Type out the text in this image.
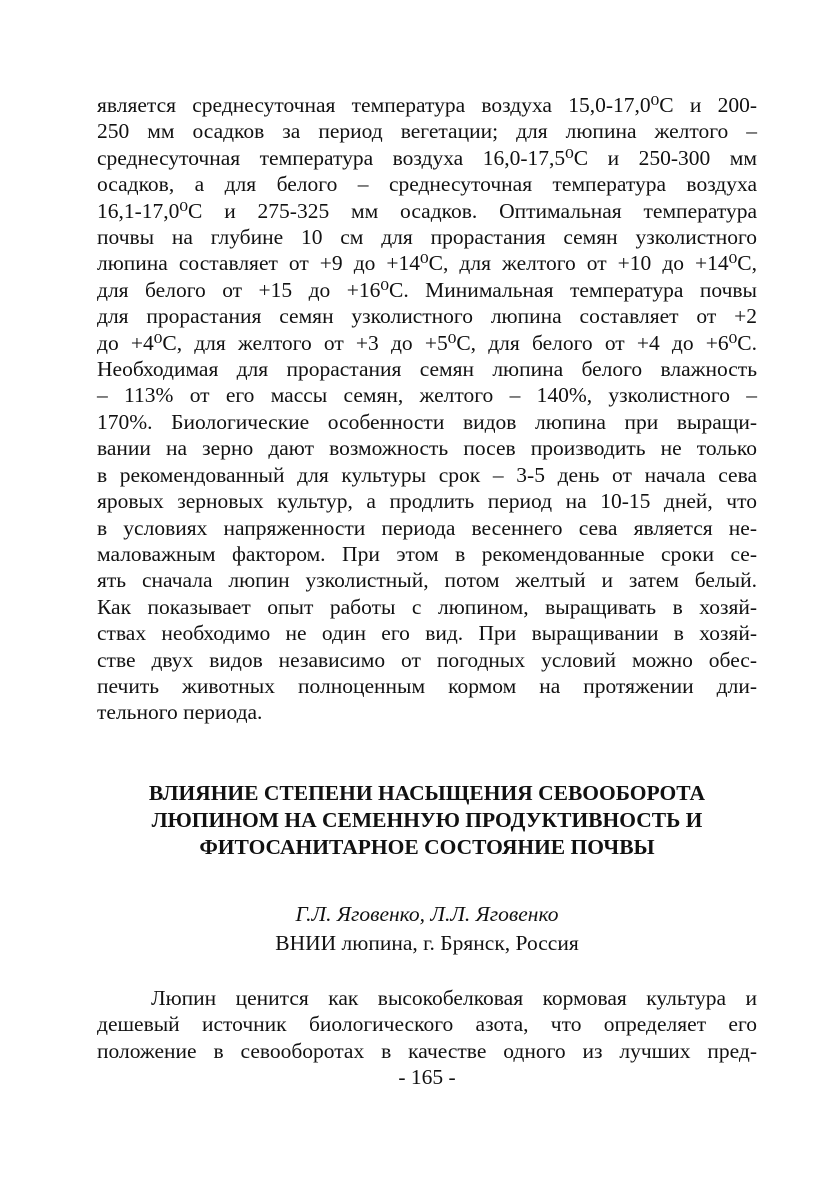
является среднесуточная температура воздуха 15,0-17,0⁰С и 200-
250 мм осадков за период вегетации; для люпина желтого –
среднесуточная температура воздуха 16,0-17,5⁰С и 250-300 мм
осадков, а для белого – среднесуточная температура воздуха
16,1-17,0⁰С и 275-325 мм осадков. Оптимальная температура
почвы на глубине 10 см для прорастания семян узколистного
люпина составляет от +9 до +14⁰С, для желтого от +10 до +14⁰С,
для белого от +15 до +16⁰С. Минимальная температура почвы
для прорастания семян узколистного люпина составляет от +2
до +4⁰С, для желтого от +3 до +5⁰С, для белого от +4 до +6⁰С.
Необходимая для прорастания семян люпина белого влажность
– 113% от его массы семян, желтого – 140%, узколистного –
170%. Биологические особенности видов люпина при выращи-
вании на зерно дают возможность посев производить не только
в рекомендованный для культуры срок – 3-5 день от начала сева
яровых зерновых культур, а продлить период на 10-15 дней, что
в условиях напряженности периода весеннего сева является не-
маловажным фактором. При этом в рекомендованные сроки се-
ять сначала люпин узколистный, потом желтый и затем белый.
Как показывает опыт работы с люпином, выращивать в хозяй-
ствах необходимо не один его вид. При выращивании в хозяй-
стве двух видов независимо от погодных условий можно обес-
печить животных полноценным кормом на протяжении дли-
тельного периода.
ВЛИЯНИЕ СТЕПЕНИ НАСЫЩЕНИЯ СЕВООБОРОТА
ЛЮПИНОМ НА СЕМЕННУЮ ПРОДУКТИВНОСТЬ И
ФИТОСАНИТАРНОЕ СОСТОЯНИЕ ПОЧВЫ
Г.Л. Яговенко, Л.Л. Яговенко
ВНИИ люпина, г. Брянск, Россия
Люпин ценится как высокобелковая кормовая культура и
дешевый источник биологического азота, что определяет его
положение в севооборотах в качестве одного из лучших пред-
- 165 -
